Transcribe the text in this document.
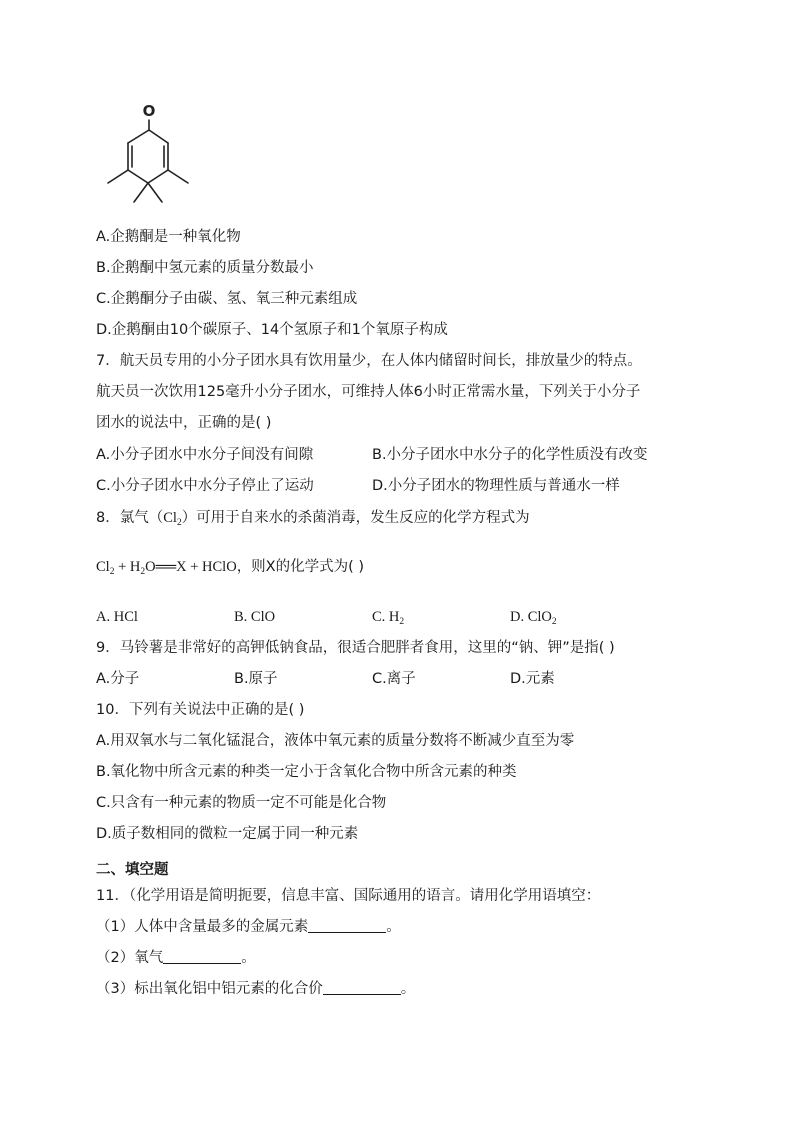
O
A.企鹅酮是一种氧化物
B.企鹅酮中氢元素的质量分数最小
C.企鹅酮分子由碳、氢、氧三种元素组成
D.企鹅酮由10个碳原子、14个氢原子和1个氧原子构成
7．航天员专用的小分子团水具有饮用量少，在人体内储留时间长，排放量少的特点。
航天员一次饮用125毫升小分子团水，可维持人体6小时正常需水量，下列关于小分子
团水的说法中，正确的是( )
A.小分子团水中水分子间没有间隙	B.小分子团水中水分子的化学性质没有改变
C.小分子团水中水分子停止了运动	D.小分子团水的物理性质与普通水一样
8．氯气$(Cl_2)$可用于自来水的杀菌消毒，发生反应的化学方程式为
$Cl_2$ + $H_2O══X$ + HClO，则X的化学式为( )
A. HCl	B. ClO	C. $H_2$	D. ClO$_2$
9．马铃薯是非常好的高钾低钠食品，很适合肥胖者食用，这里的“钠、钾”是指( )
A.分子	B.原子	C.离子	D.元素
10．下列有关说法中正确的是( )
A.用双氧水与二氧化锰混合，液体中氧元素的质量分数将不断减少直至为零
B.氧化物中所含元素的种类一定小于含氧化合物中所含元素的种类
C.只含有一种元素的物质一定不可能是化合物
D.质子数相同的微粒一定属于同一种元素
二、填空题
11．（化学用语是简明扼要，信息丰富、国际通用的语言。请用化学用语填空：
（1）人体中含量最多的金属元素	。
（2）氧气	。
（3）标出氧化铝中铝元素的化合价	。
